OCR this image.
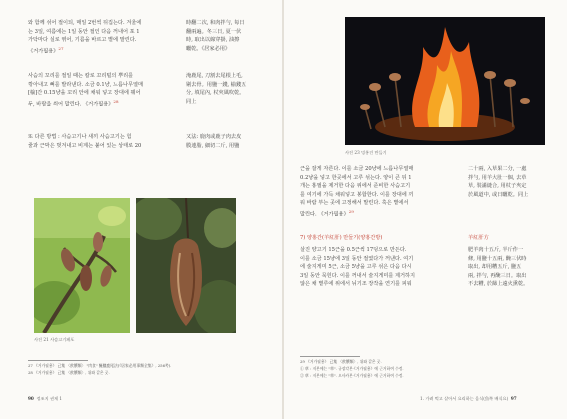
와 함께 섞어 절이되, 매일 2번씩 뒤집는다. 겨울에
는 3일, 여름에는 1일 동안 절인 다음 꺼내어 포 1
가닥마다 실로 엮어, 기름을 바르고 볕에 말린다.
《거가필용》$^{27}$
時翻二次, 和肉拌勻, 每日
翻兩遍。冬三日, 夏一伏
時, 取出以線穿掛, 油擦
曬乾。《居家必用》
사슴의 꼬리를 절일 때는 칼로 꼬리털의 뿌리를
깎아내고 뼈를 발라낸다. 소금 0.1냥, 느릅나무열매
[榆]간 0.15냥을 꼬리 안에 채워 넣고 장대에 꿰어
두, 바람을 쐬어 말린다. 《거가필용》$^{28}$
淹鹿尾, 刀割去尾根上毛,
剔去骨。用鹽一錢, 榆錢五
分, 填尾內, 杖夾風吹乾。
同上
또 다른 방법 : 사슴고기나 새끼 사슴고기는 힘
줄과 근막은 벗겨내고 비계는 붙어 있는 상태로 20
又法: 鹿肉或鹿子肉去皮
膜連脂, 細切二斤, 用鹽
사진 21 사슴고기페포
27 《거가필용》 己集 〈飮饌類〉 "肉食" 醃臘鹿尾法(《居家必用事類全集》, 256쪽).
28 《거가필용》 己集 〈飮饌類〉, 위와 같은 곳.
90 정조지 권제 1
사진 23 밍홍건 만들기
근을 잘게 자른다. 이를 소금 20냥에 느릅나무열매
0.2냥을 넣고 한곳에서 고루 섞는다. 양이 큰 뒤 1
개는 홍필을 제거한 다음 위에서 준비한 사슴고기
를 여기에 가득 채워넣고 봉합한다. 이를 장대에 끼
워 바람 부는 곳에 고정해서 말린다. 혹은 볕에서
말린다. 《거가필용》$^{29}$
二十兩, 入草果二分, 一處
拌勻, 用羊大肚一個, 去草
草, 裝滿縫合, 用杖子夾定
於風道中, 或日曬乾。同上
7) 양홍간(羊紅肝) 만들기(양홍간방)	羊紅肝方
살진 양고기 15근을 0.5근씩 17덩으로 만든다.
이를 소금 15냥에 3일 동안 절였다가 꺼낸다. 여기
에 술지게미 5근, 소금 5냥을 고루 섞은 다음 다시
3일 동안 묵힌다. 이를 꺼내서 술지게미를 제거하지
않은 채 볕루에 위에서 뉘기조 장작을 연기를 피워
肥羊肉十五斤, 半斤作一
條, 用鹽十五兩, 醃三伏時
取出, 却用糟五斤, 鹽五
兩, 拌勻, 再醃三日。取出
不去糟, 於篩上遠火熏乾。
29 《거가필용》 己集 〈飮饌類〉, 위와 같은 곳.
① 草 : 저본에는 "草". 규장각본·《거가필용》에 근거하여 수정.
② 草 : 저본에는 "草". 오사카본·《거가필용》에 근거하여 수정.
1. 가려 먹고 살아서 요리하는 음식(魚쪽 배식요) 97
